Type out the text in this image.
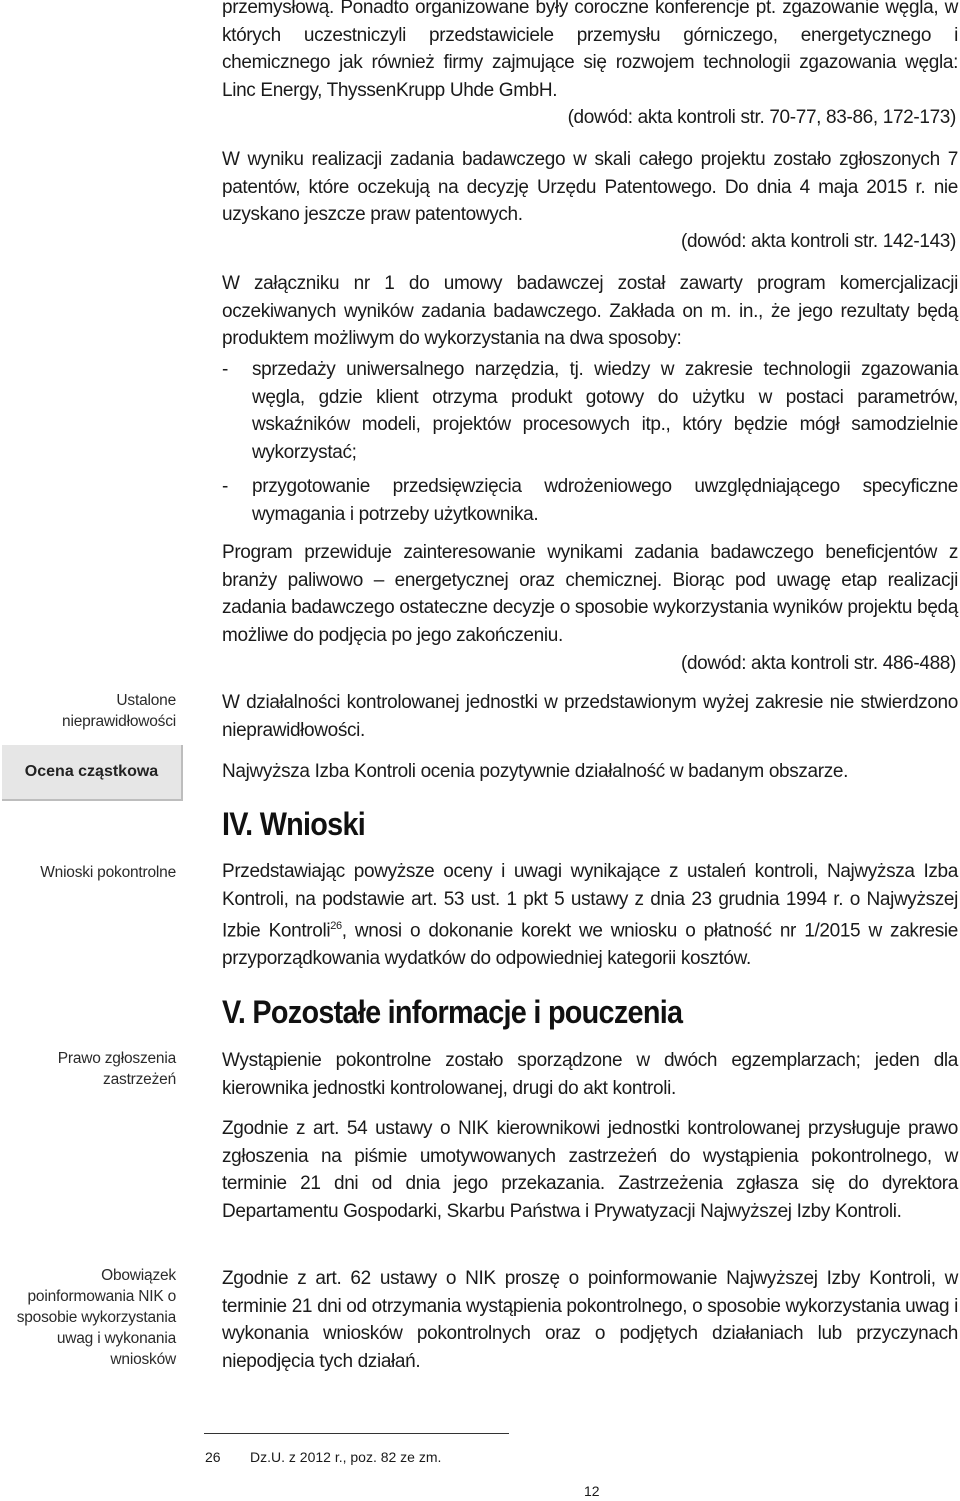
Ustalone nieprawidłowości
Ocena cząstkowa
Wnioski pokontrolne
Prawo zgłoszenia zastrzeżeń
Obowiązek poinformowania NIK o sposobie wykorzystania uwag i wykonania wniosków

przemysłową. Ponadto organizowane były coroczne konferencje pt. zgazowanie węgla, w których uczestniczyli przedstawiciele przemysłu górniczego, energetycznego i chemicznego jak również firmy zajmujące się rozwojem technologii zgazowania węgla: Linc Energy, ThyssenKrupp Uhde GmbH.

(dowód: akta kontroli str. 70-77, 83-86, 172-173)

W wyniku realizacji zadania badawczego w skali całego projektu zostało zgłoszonych 7 patentów, które oczekują na decyzję Urzędu Patentowego. Do dnia 4 maja 2015 r. nie uzyskano jeszcze praw patentowych.

(dowód: akta kontroli str. 142-143)

W załączniku nr 1 do umowy badawczej został zawarty program komercjalizacji oczekiwanych wyników zadania badawczego. Zakłada on m. in., że jego rezultaty będą produktem możliwym do wykorzystania na dwa sposoby:

- sprzedaży uniwersalnego narzędzia, tj. wiedzy w zakresie technologii zgazowania węgla, gdzie klient otrzyma produkt gotowy do użytku w postaci parametrów, wskaźników modeli, projektów procesowych itp., który będzie mógł samodzielnie wykorzystać;
- przygotowanie przedsięwzięcia wdrożeniowego uwzględniającego specyficzne wymagania i potrzeby użytkownika.

Program przewiduje zainteresowanie wynikami zadania badawczego beneficjentów z branży paliwowo – energetycznej oraz chemicznej. Biorąc pod uwagę etap realizacji zadania badawczego ostateczne decyzje o sposobie wykorzystania wyników projektu będą możliwe do podjęcia po jego zakończeniu.

(dowód: akta kontroli str. 486-488)

W działalności kontrolowanej jednostki w przedstawionym wyżej zakresie nie stwierdzono nieprawidłowości.

Najwyższa Izba Kontroli ocenia pozytywnie działalność w badanym obszarze.

IV. Wnioski

Przedstawiając powyższe oceny i uwagi wynikające z ustaleń kontroli, Najwyższa Izba Kontroli, na podstawie art. 53 ust. 1 pkt 5 ustawy z dnia 23 grudnia 1994 r. o Najwyższej Izbie Kontroli$^{26}$, wnosi o dokonanie korekt we wniosku o płatność nr 1/2015 w zakresie przyporządkowania wydatków do odpowiedniej kategorii kosztów.

V. Pozostałe informacje i pouczenia

Wystąpienie pokontrolne zostało sporządzone w dwóch egzemplarzach; jeden dla kierownika jednostki kontrolowanej, drugi do akt kontroli.

Zgodnie z art. 54 ustawy o NIK kierownikowi jednostki kontrolowanej przysługuje prawo zgłoszenia na piśmie umotywowanych zastrzeżeń do wystąpienia pokontrolnego, w terminie 21 dni od dnia jego przekazania. Zastrzeżenia zgłasza się do dyrektora Departamentu Gospodarki, Skarbu Państwa i Prywatyzacji Najwyższej Izby Kontroli.

Zgodnie z art. 62 ustawy o NIK proszę o poinformowanie Najwyższej Izby Kontroli, w terminie 21 dni od otrzymania wystąpienia pokontrolnego, o sposobie wykorzystania uwag i wykonania wniosków pokontrolnych oraz o podjętych działaniach lub przyczynach niepodjęcia tych działań.

26 Dz.U. z 2012 r., poz. 82 ze zm.
12
